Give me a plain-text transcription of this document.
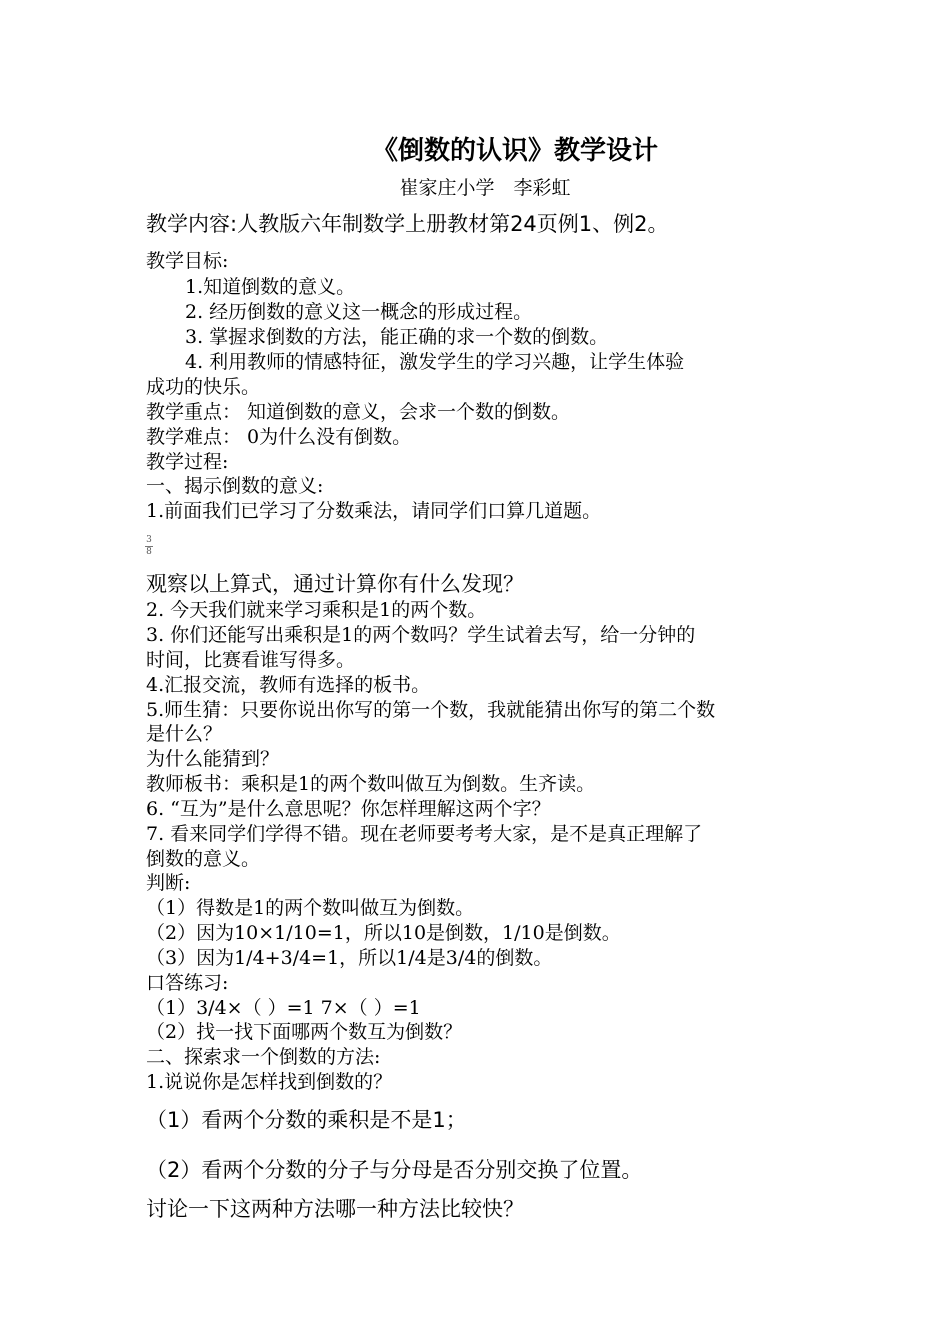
《倒数的认识》教学设计
崔家庄小学　李彩虹
教学内容:人教版六年制数学上册教材第24页例1、例2。
教学目标:
1.知道倒数的意义。
2. 经历倒数的意义这一概念的形成过程。
3. 掌握求倒数的方法，能正确的求一个数的倒数。
4. 利用教师的情感特征，激发学生的学习兴趣，让学生体验
成功的快乐。
教学重点： 知道倒数的意义，会求一个数的倒数。
教学难点： 0为什么没有倒数。
教学过程:
一、揭示倒数的意义:
1.前面我们已学习了分数乘法，请同学们口算几道题。
3
8
观察以上算式，通过计算你有什么发现？
2. 今天我们就来学习乘积是1的两个数。
3. 你们还能写出乘积是1的两个数吗？学生试着去写，给一分钟的
时间，比赛看谁写得多。
4.汇报交流，教师有选择的板书。
5.师生猜：只要你说出你写的第一个数，我就能猜出你写的第二个数
是什么？
为什么能猜到？
教师板书：乘积是1的两个数叫做互为倒数。生齐读。
6. “互为”是什么意思呢？你怎样理解这两个字？
7. 看来同学们学得不错。现在老师要考考大家，是不是真正理解了
倒数的意义。
判断:
（1）得数是1的两个数叫做互为倒数。
（2）因为10×1/10=1，所以10是倒数，1/10是倒数。
（3）因为1/4+3/4=1，所以1/4是3/4的倒数。
口答练习:
（1）3/4×（ ）=1 7×（ ）=1
（2）找一找下面哪两个数互为倒数？
二、探索求一个倒数的方法:
1.说说你是怎样找到倒数的？
（1）看两个分数的乘积是不是1；
（2）看两个分数的分子与分母是否分别交换了位置。
讨论一下这两种方法哪一种方法比较快？
